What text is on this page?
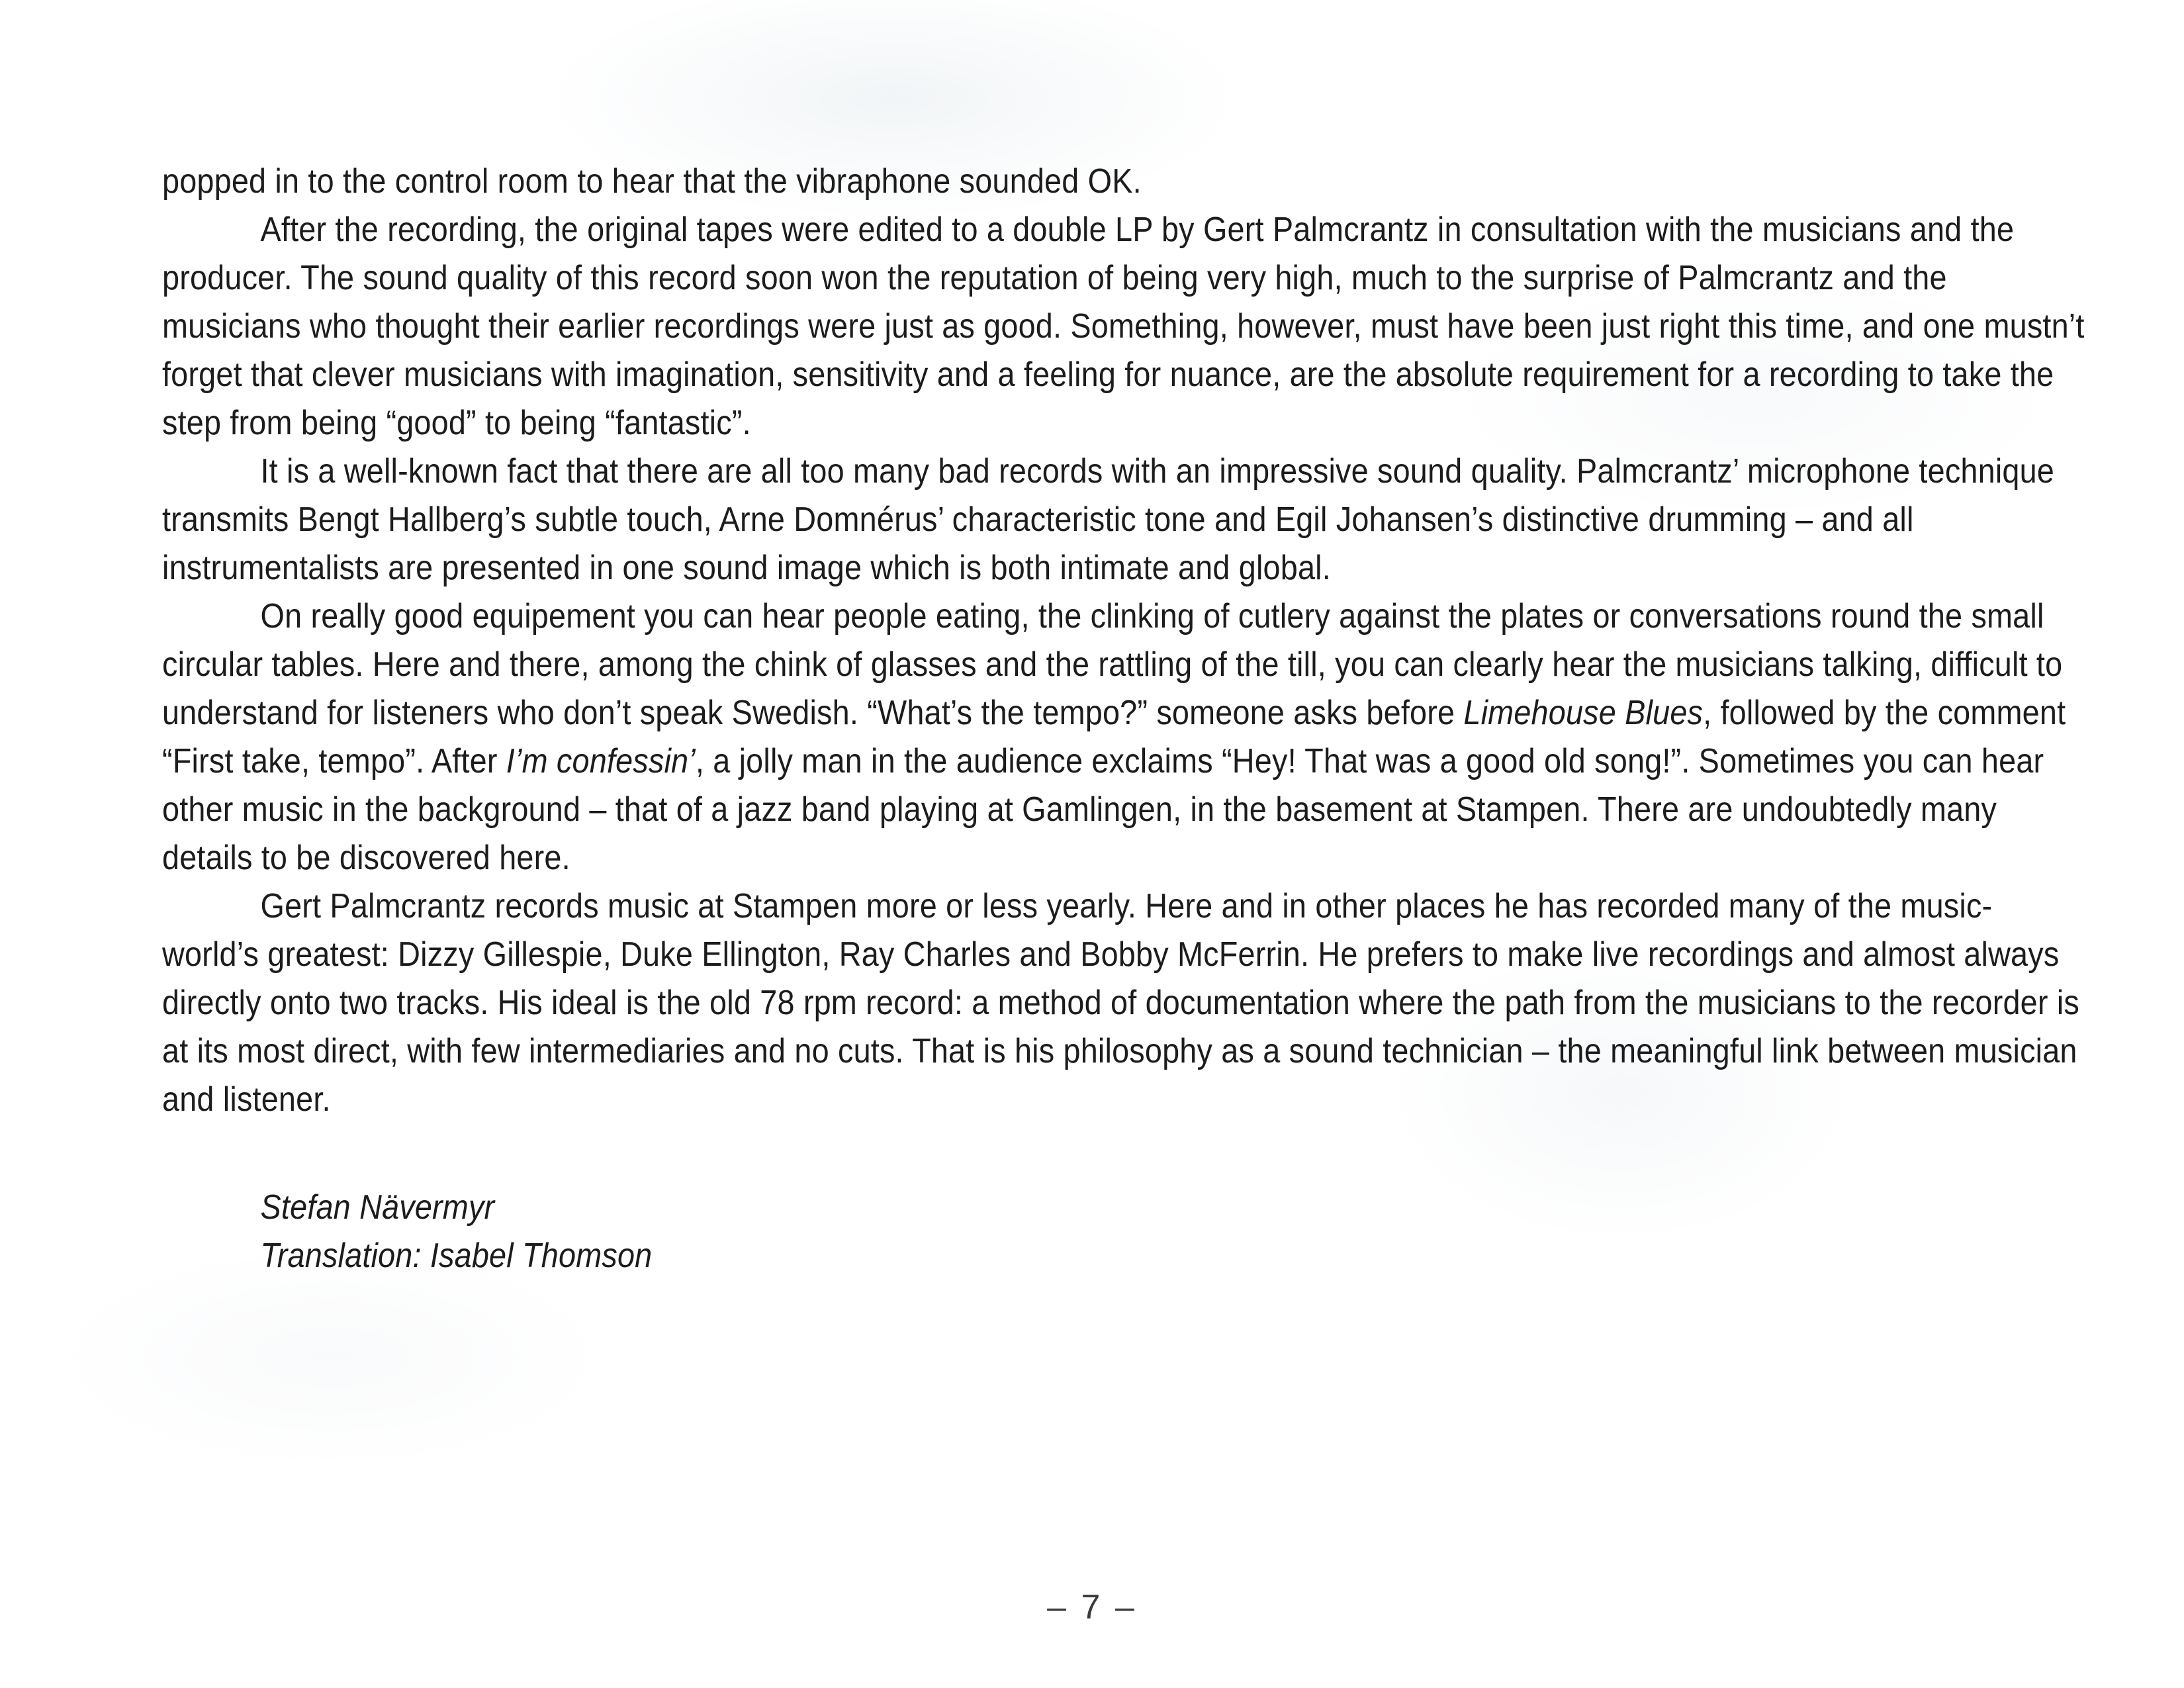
popped in to the control room to hear that the vibraphone sounded OK.

After the recording, the original tapes were edited to a double LP by Gert Palmcrantz in consultation with the musicians and the producer. The sound quality of this record soon won the reputation of being very high, much to the surprise of Palmcrantz and the musicians who thought their earlier recordings were just as good. Something, however, must have been just right this time, and one mustn’t forget that clever musicians with imagination, sensitivity and a feeling for nuance, are the absolute requirement for a recording to take the step from being “good” to being “fantastic”.

It is a well-known fact that there are all too many bad records with an impressive sound quality. Palmcrantz’ microphone technique transmits Bengt Hallberg’s subtle touch, Arne Domnérus’ characteristic tone and Egil Johansen’s distinctive drumming – and all instrumentalists are presented in one sound image which is both intimate and global.

On really good equipement you can hear people eating, the clinking of cutlery against the plates or conversations round the small circular tables. Here and there, among the chink of glasses and the rattling of the till, you can clearly hear the musicians talking, difficult to understand for listeners who don’t speak Swedish. “What’s the tempo?” someone asks before Limehouse Blues, followed by the comment “First take, tempo”. After I’m confessin’, a jolly man in the audience exclaims “Hey! That was a good old song!”. Sometimes you can hear other music in the background – that of a jazz band playing at Gamlingen, in the basement at Stampen. There are undoubtedly many details to be discovered here.

Gert Palmcrantz records music at Stampen more or less yearly. Here and in other places he has recorded many of the music-world’s greatest: Dizzy Gillespie, Duke Ellington, Ray Charles and Bobby McFerrin. He prefers to make live recordings and almost always directly onto two tracks. His ideal is the old 78 rpm record: a method of documentation where the path from the musicians to the recorder is at its most direct, with few intermediaries and no cuts. That is his philosophy as a sound technician – the meaningful link between musician and listener.

Stefan Nävermyr
Translation: Isabel Thomson
– 7 –
